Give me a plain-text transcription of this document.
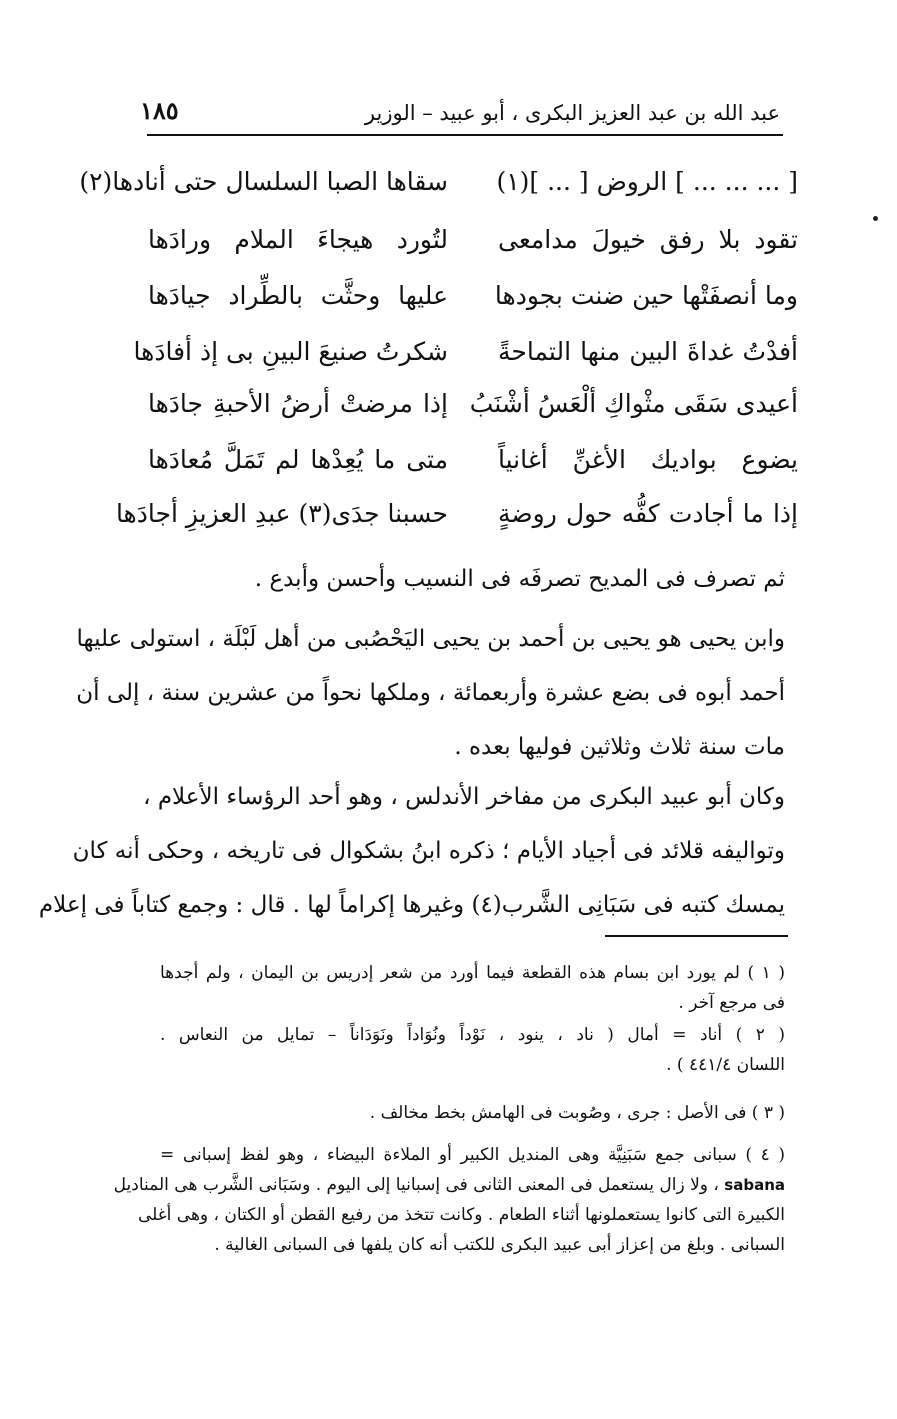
عبد الله بن عبد العزيز البكرى ، أبو عبيد – الوزير
١٨٥
[ ... ... ... ] الروض [ ... ](١)
سقاها الصبا السلسال حتى أنادها(٢)
تقود بلا رفق خيولَ مدامعى
لتُورد هيجاءَ الملام ورادَها
وما أنصفَتْها حين ضنت بجودها
عليها وحثَّت بالطِّراد جيادَها
أفدْتُ غداةَ البين منها التماحةً
شكرتُ صنيعَ البينِ بى إذ أفادَها
أعيدى سَقَى مثْواكِ ألْعَسُ أشْنَبُ
إذا مرضتْ أرضُ الأحبةِ جادَها
يضوع بواديك الأغنِّ أغانياً
متى ما يُعِدْها لم تَمَلَّ مُعادَها
إذا ما أجادت كفُّه حول روضةٍ
حسبنا جدَى(٣) عبدِ العزيزِ أجادَها
ثم تصرف فى المديح تصرفَه فى النسيب وأحسن وأبدع .
وابن يحيى هو يحيى بن أحمد بن يحيى اليَحْصُبى من أهل لَبْلَة ، استولى عليها
أحمد أبوه فى بضع عشرة وأربعمائة ، وملكها نحواً من عشرين سنة ، إلى أن
مات سنة ثلاث وثلاثين فوليها بعده .
وكان أبو عبيد البكرى من مفاخر الأندلس ، وهو أحد الرؤساء الأعلام ،
وتواليفه قلائد فى أجياد الأيام ؛ ذكره ابنُ بشكوال فى تاريخه ، وحكى أنه كان
يمسك كتبه فى سَبَانِى الشَّرب(٤) وغيرها إكراماً لها . قال : وجمع كتاباً فى إعلام
( ١ ) لم يورد ابن بسام هذه القطعة فيما أورد من شعر إدريس بن اليمان ، ولم أجدها
فى مرجع آخر .
( ٢ ) أناد = أمال ( ناد ، ينود ، نَوْداً ونُوَاداً ونَوَدَاناً – تمايل من النعاس .
اللسان ٤٤١/٤ ) .
( ٣ ) فى الأصل : جرى ، وصُوبت فى الهامش بخط مخالف .
( ٤ ) سبانى جمع سَبَنِيَّة وهى المنديل الكبير أو الملاءة البيضاء ، وهو لفظ إسبانى =
sabana ، ولا زال يستعمل فى المعنى الثانى فى إسبانيا إلى اليوم . وسَبَانى الشَّرب هى المناديل
الكبيرة التى كانوا يستعملونها أثناء الطعام . وكانت تتخذ من رفيع القطن أو الكتان ، وهى أغلى
السبانى . وبلغ من إعزاز أبى عبيد البكرى للكتب أنه كان يلفها فى السبانى الغالية .
